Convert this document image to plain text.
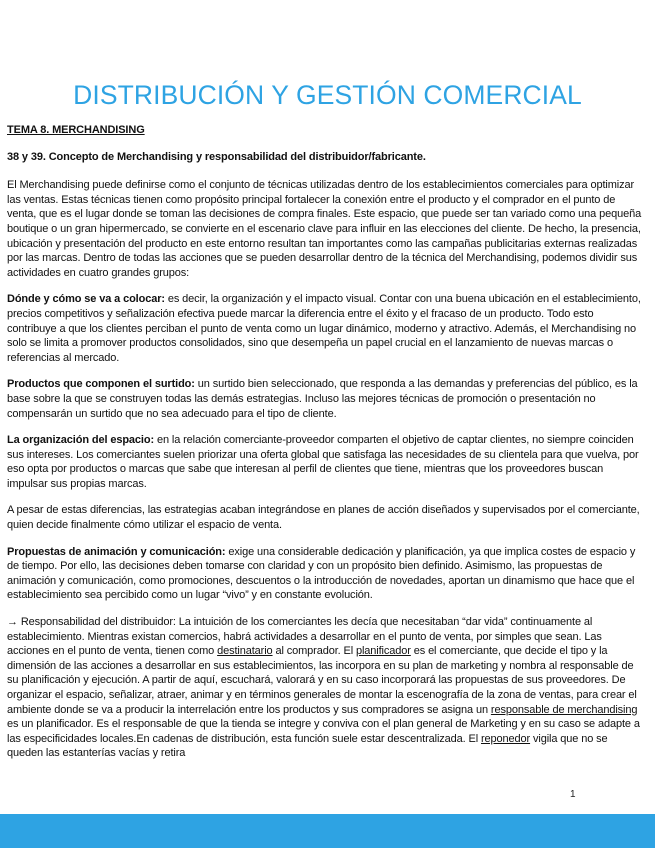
DISTRIBUCIÓN Y GESTIÓN COMERCIAL
TEMA 8. MERCHANDISING
38 y 39. Concepto de Merchandising y responsabilidad del distribuidor/fabricante.

El Merchandising puede definirse como el conjunto de técnicas utilizadas dentro de los establecimientos comerciales para optimizar las ventas. Estas técnicas tienen como propósito principal fortalecer la conexión entre el producto y el comprador en el punto de venta, que es el lugar donde se toman las decisiones de compra finales. Este espacio, que puede ser tan variado como una pequeña boutique o un gran hipermercado, se convierte en el escenario clave para influir en las elecciones del cliente. De hecho, la presencia, ubicación y presentación del producto en este entorno resultan tan importantes como las campañas publicitarias externas realizadas por las marcas. Dentro de todas las acciones que se pueden desarrollar dentro de la técnica del Merchandising, podemos dividir sus actividades en cuatro grandes grupos:

Dónde y cómo se va a colocar: es decir, la organización y el impacto visual. Contar con una buena ubicación en el establecimiento, precios competitivos y señalización efectiva puede marcar la diferencia entre el éxito y el fracaso de un producto. Todo esto contribuye a que los clientes perciban el punto de venta como un lugar dinámico, moderno y atractivo. Además, el Merchandising no solo se limita a promover productos consolidados, sino que desempeña un papel crucial en el lanzamiento de nuevas marcas o referencias al mercado.

Productos que componen el surtido: un surtido bien seleccionado, que responda a las demandas y preferencias del público, es la base sobre la que se construyen todas las demás estrategias. Incluso las mejores técnicas de promoción o presentación no compensarán un surtido que no sea adecuado para el tipo de cliente.

La organización del espacio: en la relación comerciante-proveedor comparten el objetivo de captar clientes, no siempre coinciden sus intereses. Los comerciantes suelen priorizar una oferta global que satisfaga las necesidades de su clientela para que vuelva, por eso opta por productos o marcas que sabe que interesan al perfil de clientes que tiene, mientras que los proveedores buscan impulsar sus propias marcas.

A pesar de estas diferencias, las estrategias acaban integrándose en planes de acción diseñados y supervisados por el comerciante, quien decide finalmente cómo utilizar el espacio de venta.

Propuestas de animación y comunicación: exige una considerable dedicación y planificación, ya que implica costes de espacio y de tiempo. Por ello, las decisiones deben tomarse con claridad y con un propósito bien definido. Asimismo, las propuestas de animación y comunicación, como promociones, descuentos o la introducción de novedades, aportan un dinamismo que hace que el establecimiento sea percibido como un lugar “vivo” y en constante evolución.

→ Responsabilidad del distribuidor: La intuición de los comerciantes les decía que necesitaban “dar vida” continuamente al establecimiento. Mientras existan comercios, habrá actividades a desarrollar en el punto de venta, por simples que sean. Las acciones en el punto de venta, tienen como destinatario al comprador. El planificador es el comerciante, que decide el tipo y la dimensión de las acciones a desarrollar en sus establecimientos, las incorpora en su plan de marketing y nombra al responsable de su planificación y ejecución. A partir de aquí, escuchará, valorará y en su caso incorporará las propuestas de sus proveedores. De organizar el espacio, señalizar, atraer, animar y en términos generales de montar la escenografía de la zona de ventas, para crear el ambiente donde se va a producir la interrelación entre los productos y sus compradores se asigna un responsable de merchandising es un planificador. Es el responsable de que la tienda se integre y conviva con el plan general de Marketing y en su caso se adapte a las especificidades locales.En cadenas de distribución, esta función suele estar descentralizada. El reponedor vigila que no se queden las estanterías vacías y retira

1
